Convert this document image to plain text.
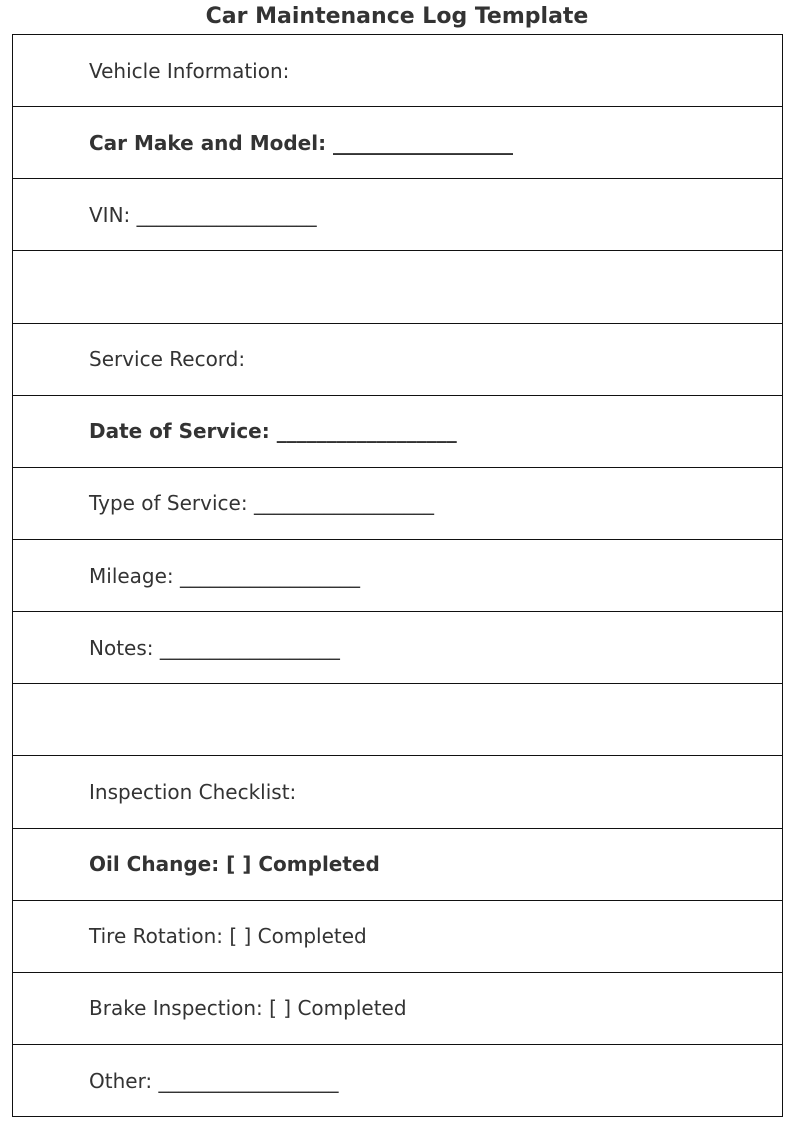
Car Maintenance Log Template
Vehicle Information:
Car Make and Model: __________________
VIN: __________________
Service Record:
Date of Service: __________________
Type of Service: __________________
Mileage: __________________
Notes: __________________
Inspection Checklist:
Oil Change: [ ] Completed
Tire Rotation: [ ] Completed
Brake Inspection: [ ] Completed
Other: __________________
